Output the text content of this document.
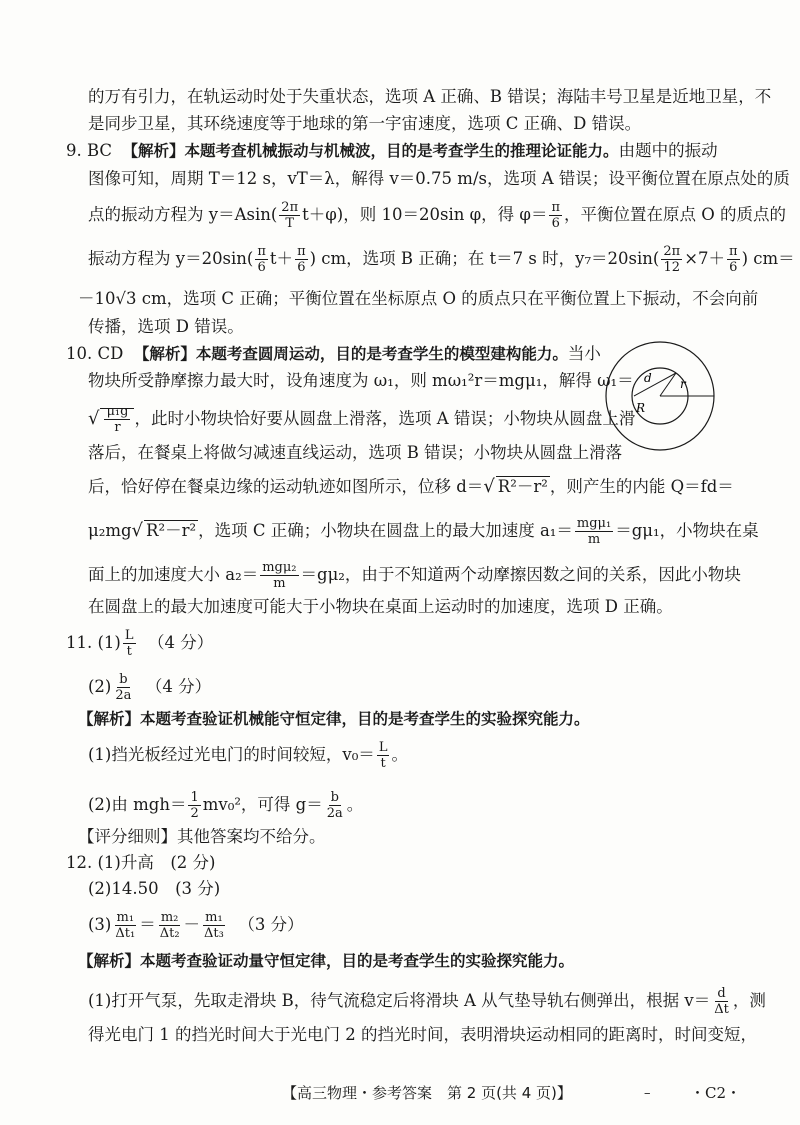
的万有引力，在轨运动时处于失重状态，选项 A 正确、B 错误；海陆丰号卫星是近地卫星，不
是同步卫星，其环绕速度等于地球的第一宇宙速度，选项 C 正确、D 错误。
9. BC 【解析】本题考查机械振动与机械波，目的是考查学生的推理论证能力。由题中的振动
图像可知，周期 T＝12 s，vT＝λ，解得 v＝0.75 m/s，选项 A 错误；设平衡位置在原点处的质
点的振动方程为 $y=Asin( \frac{2\pi}{T} t+\varphi)$，则 10＝20sin φ，得 $\varphi= \frac{\pi}{6}$ ，平衡位置在原点 O 的质点的
振动方程为 $y=20\sin( \frac{\pi}{6} t+ \frac{\pi}{6}$ ) cm，选项 B 正确；在 t＝7 s 时，$y_7=20\sin( \frac{2\pi}{12} \times 7+ \frac{\pi}{6}$ ) cm＝
－10√3 cm，选项 C 正确；平衡位置在坐标原点 O 的质点只在平衡位置上下振动，不会向前
传播，选项 D 错误。
10. CD 【解析】本题考查圆周运动，目的是考查学生的模型建构能力。当小
物块所受静摩擦力最大时，设角速度为 ω₁，则 mω₁²r＝mgμ₁，解得 ω₁＝
√ $\frac{\text{μ₁g}}{r}$ ，此时小物块恰好要从圆盘上滑落，选项 A 错误；小物块从圆盘上滑
落后，在餐桌上将做匀减速直线运动，选项 B 错误；小物块从圆盘上滑落
后，恰好停在餐桌边缘的运动轨迹如图所示，位移 d＝√ R²－r² ，则产生的内能 Q＝fd＝
μ₂mg√ R²－r² ，选项 C 正确；小物块在圆盘上的最大加速度 $a_1= \frac{\text{mgμ₁}}{m} =g\mu_1$，小物块在桌
面上的加速度大小 $a_2= \frac{\text{mgμ₂}}{m} =g\mu_2$，由于不知道两个动摩擦因数之间的关系，因此小物块
在圆盘上的最大加速度可能大于小物块在桌面上运动时的加速度，选项 D 正确。
d r
R
11. $(1) \frac{L}{t} (4$ 分）
$(2) \frac{b}{2a} (4$ 分）
【解析】本题考查验证机械能守恒定律，目的是考查学生的实验探究能力。
(1)挡光板经过光电门的时间较短，$v_0= \frac{L}{t}$ 。
(2)由 $mgh= \frac{1}{2} mv_0^2$，可得 $g= \frac{b}{2a}$ 。
【评分细则】其他答案均不给分。
12. (1)升高　(2 分)
(2)14.50　(3 分)
$(3) \frac{\text{m₁}}{\text{Δt₁}} = \frac{\text{m₂}}{\text{Δt₂}} - \frac{\text{m₁}}{\text{Δt₃}} (3$ 分）
【解析】本题考查验证动量守恒定律，目的是考查学生的实验探究能力。
(1)打开气泵，先取走滑块 B，待气流稳定后将滑块 A 从气垫导轨右侧弹出，根据 $v= \frac{d}{\Delta t}$ ，测
得光电门 1 的挡光时间大于光电门 2 的挡光时间，表明滑块运动相同的距离时，时间变短，
【高三物理・参考答案　第 2 页(共 4 页)】	–	・C2・
